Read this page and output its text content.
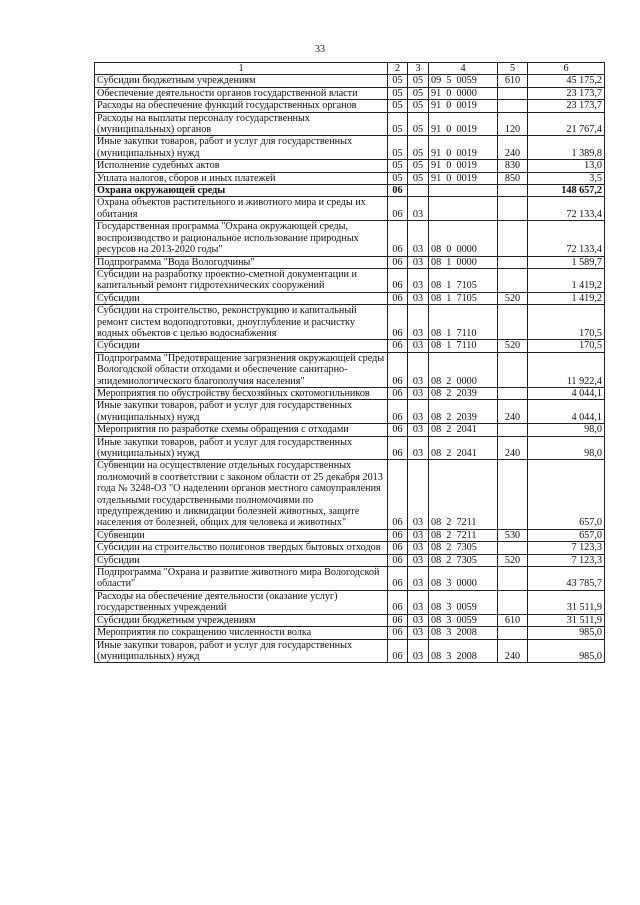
33
1	2	3	4	5	6
Субсидии бюджетным учреждениям	05	05	09  5  0059	610	45 175,2
Обеспечение деятельности органов государственной власти	05	05	91  0  0000		23 173,7
Расходы на обеспечение функций государственных органов	05	05	91  0  0019		23 173,7
Расходы на выплаты персоналу государственных (муниципальных) органов	05	05	91  0  0019	120	21 767,4
Иные закупки товаров, работ и услуг для государственных (муниципальных) нужд	05	05	91  0  0019	240	1 389,8
Исполнение судебных актов	05	05	91  0  0019	830	13,0
Уплата налогов, сборов и иных платежей	05	05	91  0  0019	850	3,5
Охрана окружающей среды	06				148 657,2
Охрана объектов растительного и животного мира и среды их обитания	06	03			72 133,4
Государственная программа "Охрана окружающей среды, воспроизводство и рациональное использование природных ресурсов на 2013-2020 годы"	06	03	08  0  0000		72 133,4
Подпрограмма "Вода Вологодчины"	06	03	08  1  0000		1 589,7
Субсидии на разработку проектно-сметной документации и капитальный ремонт гидротехнических сооружений	06	03	08  1  7105		1 419,2
Субсидии	06	03	08  1  7105	520	1 419,2
Субсидии на строительство, реконструкцию и капитальный ремонт систем водоподготовки, дноуглубление и расчистку водных объектов с целью водоснабжения	06	03	08  1  7110		170,5
Субсидии	06	03	08  1  7110	520	170,5
Подпрограмма "Предотвращение загрязнения окружающей среды Вологодской области отходами и обеспечение санитарно-эпидемиологического благополучия населения"	06	03	08  2  0000		11 922,4
Мероприятия по обустройству бесхозяйных скотомогильников	06	03	08  2  2039		4 044,1
Иные закупки товаров, работ и услуг для государственных (муниципальных) нужд	06	03	08  2  2039	240	4 044,1
Мероприятия по разработке схемы обращения с отходами	06	03	08  2  2041		98,0
Иные закупки товаров, работ и услуг для государственных (муниципальных) нужд	06	03	08  2  2041	240	98,0
Субвенции на осуществление отдельных государственных полномочий в соответствии с законом области от 25 декабря 2013 года № 3248-ОЗ "О наделении органов местного самоуправления отдельными государственными полномочиями по предупреждению и ликвидации болезней животных, защите населения от болезней, общих для человека и животных"	06	03	08  2  7211		657,0
Субвенции	06	03	08  2  7211	530	657,0
Субсидии на строительство полигонов твердых бытовых отходов	06	03	08  2  7305		7 123,3
Субсидии	06	03	08  2  7305	520	7 123,3
Подпрограмма "Охрана и развитие животного мира Вологодской области"	06	03	08  3  0000		43 785,7
Расходы на обеспечение деятельности (оказание услуг) государственных учреждений	06	03	08  3  0059		31 511,9
Субсидии бюджетным учреждениям	06	03	08  3  0059	610	31 511,9
Мероприятия по сокращению численности волка	06	03	08  3  2008		985,0
Иные закупки товаров, работ и услуг для государственных (муниципальных) нужд	06	03	08  3  2008	240	985,0
